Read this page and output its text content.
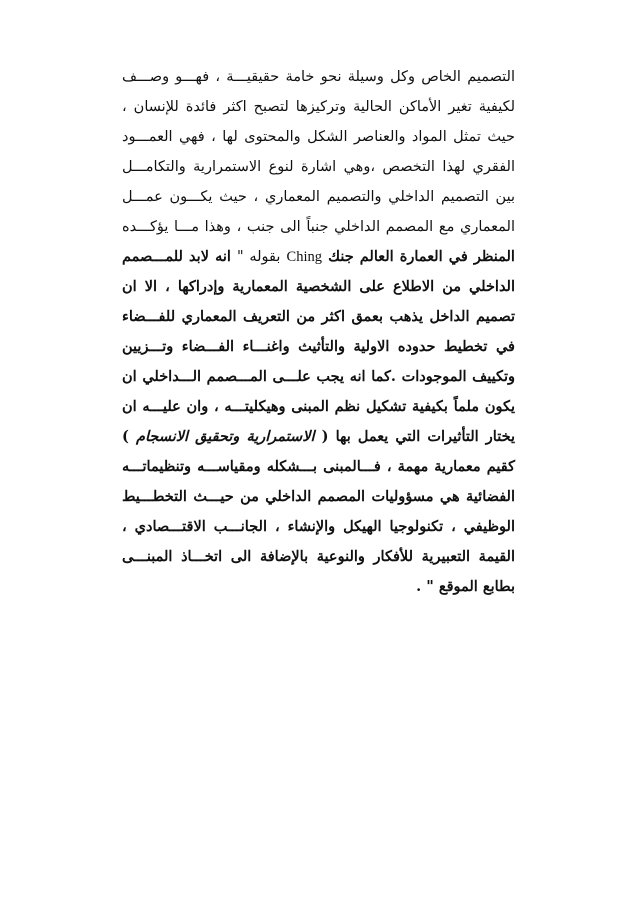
التصميم الخاص وكل وسيلة نحو خامة حقيقيـــة ، فهـــو وصـــف
لكيفية تغير الأماكن الحالية وتركيزها لتصبح اكثر فائدة للإنسان ،
حيث تمثل المواد والعناصر الشكل والمحتوى لها ، فهي العمـــود
الفقري لهذا التخصص ،وهي اشارة لنوع الاستمرارية والتكامـــل
بين التصميم الداخلي والتصميم المعماري ، حيث يكـــون عمـــل
المعماري مع المصمم الداخلي جنباً الى جنب ، وهذا مـــا يؤكـــده
المنظر في العمارة العالم جنك Ching بقوله " انه لابد للمـــصمم
الداخلي من الاطلاع على الشخصية المعمارية وإدراكها ، الا ان
تصميم الداخل يذهب بعمق اكثر من التعريف المعماري للفـــضاء
في تخطيط حدوده الاولية والتأثيث واغنـــاء الفـــضاء وتـــزيين
وتكييف الموجودات .كما انه يجب علـــى المـــصمم الـــداخلي ان
يكون ملماً بكيفية تشكيل نظم المبنى وهيكليتـــه ، وان عليـــه ان
يختار التأثيرات التي يعمل بها ( الاستمرارية وتحقيق الانسجام )
كقيم معمارية مهمة ، فـــالمبنى بـــشكله ومقياســـه وتنظيماتـــه
الفضائية هي مسؤوليات المصمم الداخلي من حيـــث التخطـــيط
الوظيفي ، تكنولوجيا الهيكل والإنشاء ، الجانـــب الاقتـــصادي ،
القيمة التعبيرية للأفكار والنوعية بالإضافة الى اتخـــاذ المبنـــى
بطابع الموقع " .
